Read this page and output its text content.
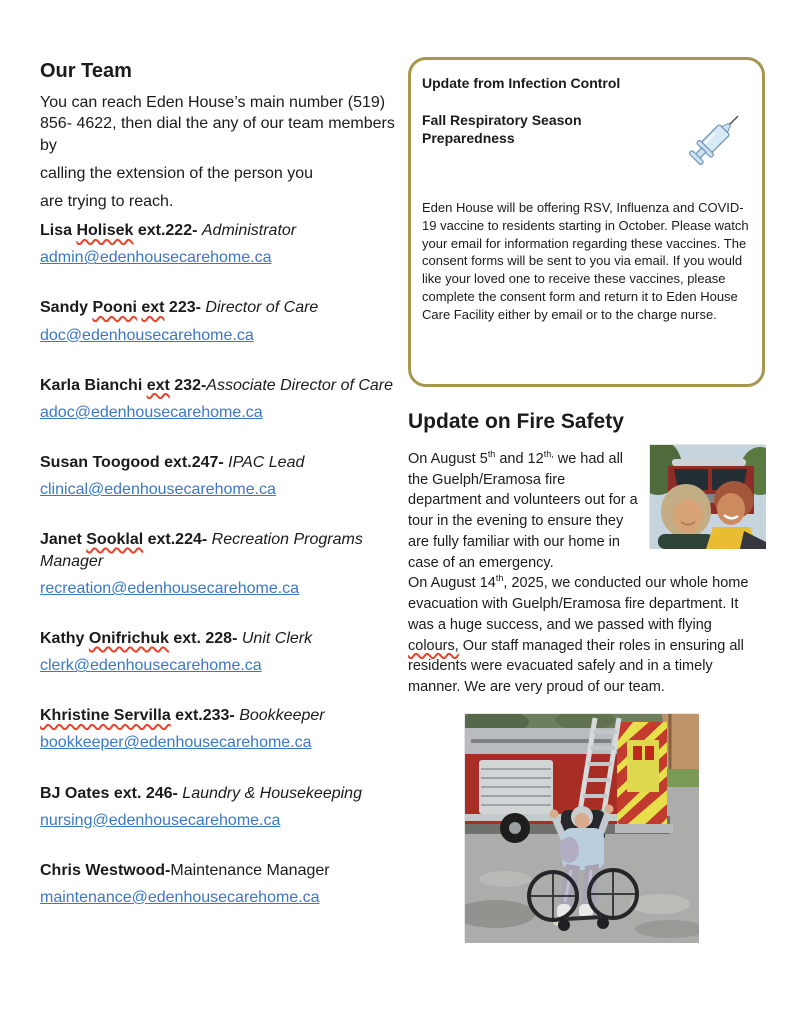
Our Team

You can reach Eden House’s main number (519) 856- 4622, then dial the any of our team members by

calling the extension of the person you

are trying to reach.

Lisa Holisek ext.222- Administrator
admin@edenhousecarehome.ca
Sandy Pooni ext 223- Director of Care
doc@edenhousecarehome.ca
Karla Bianchi ext 232-Associate Director of Care
adoc@edenhousecarehome.ca
Susan Toogood ext.247- IPAC Lead
clinical@edenhousecarehome.ca
Janet Sooklal ext.224- Recreation Programs Manager
recreation@edenhousecarehome.ca
Kathy Onifrichuk ext. 228- Unit Clerk
clerk@edenhousecarehome.ca
Khristine Servilla ext.233- Bookkeeper
bookkeeper@edenhousecarehome.ca
BJ Oates ext. 246- Laundry & Housekeeping
nursing@edenhousecarehome.ca
Chris Westwood-Maintenance Manager
maintenance@edenhousecarehome.ca
Update from Infection Control
Fall Respiratory Season Preparedness
Eden House will be offering RSV, Influenza and COVID-19 vaccine to residents starting in October. Please watch your email for information regarding these vaccines. The consent forms will be sent to you via email. If you would like your loved one to receive these vaccines, please complete the consent form and return it to Eden House Care Facility either by email or to the charge nurse.
Update on Fire Safety

On August 5th and $12^{th,}$ we had all the Guelph/Eramosa fire department and volunteers out for a tour in the evening to ensure they are fully familiar with our home in case of an emergency.

On August 14th, 2025, we conducted our whole home evacuation with Guelph/Eramosa fire department. It was a huge success, and we passed with flying colours, Our staff managed their roles in ensuring all residents were evacuated safely and in a timely manner. We are very proud of our team.
